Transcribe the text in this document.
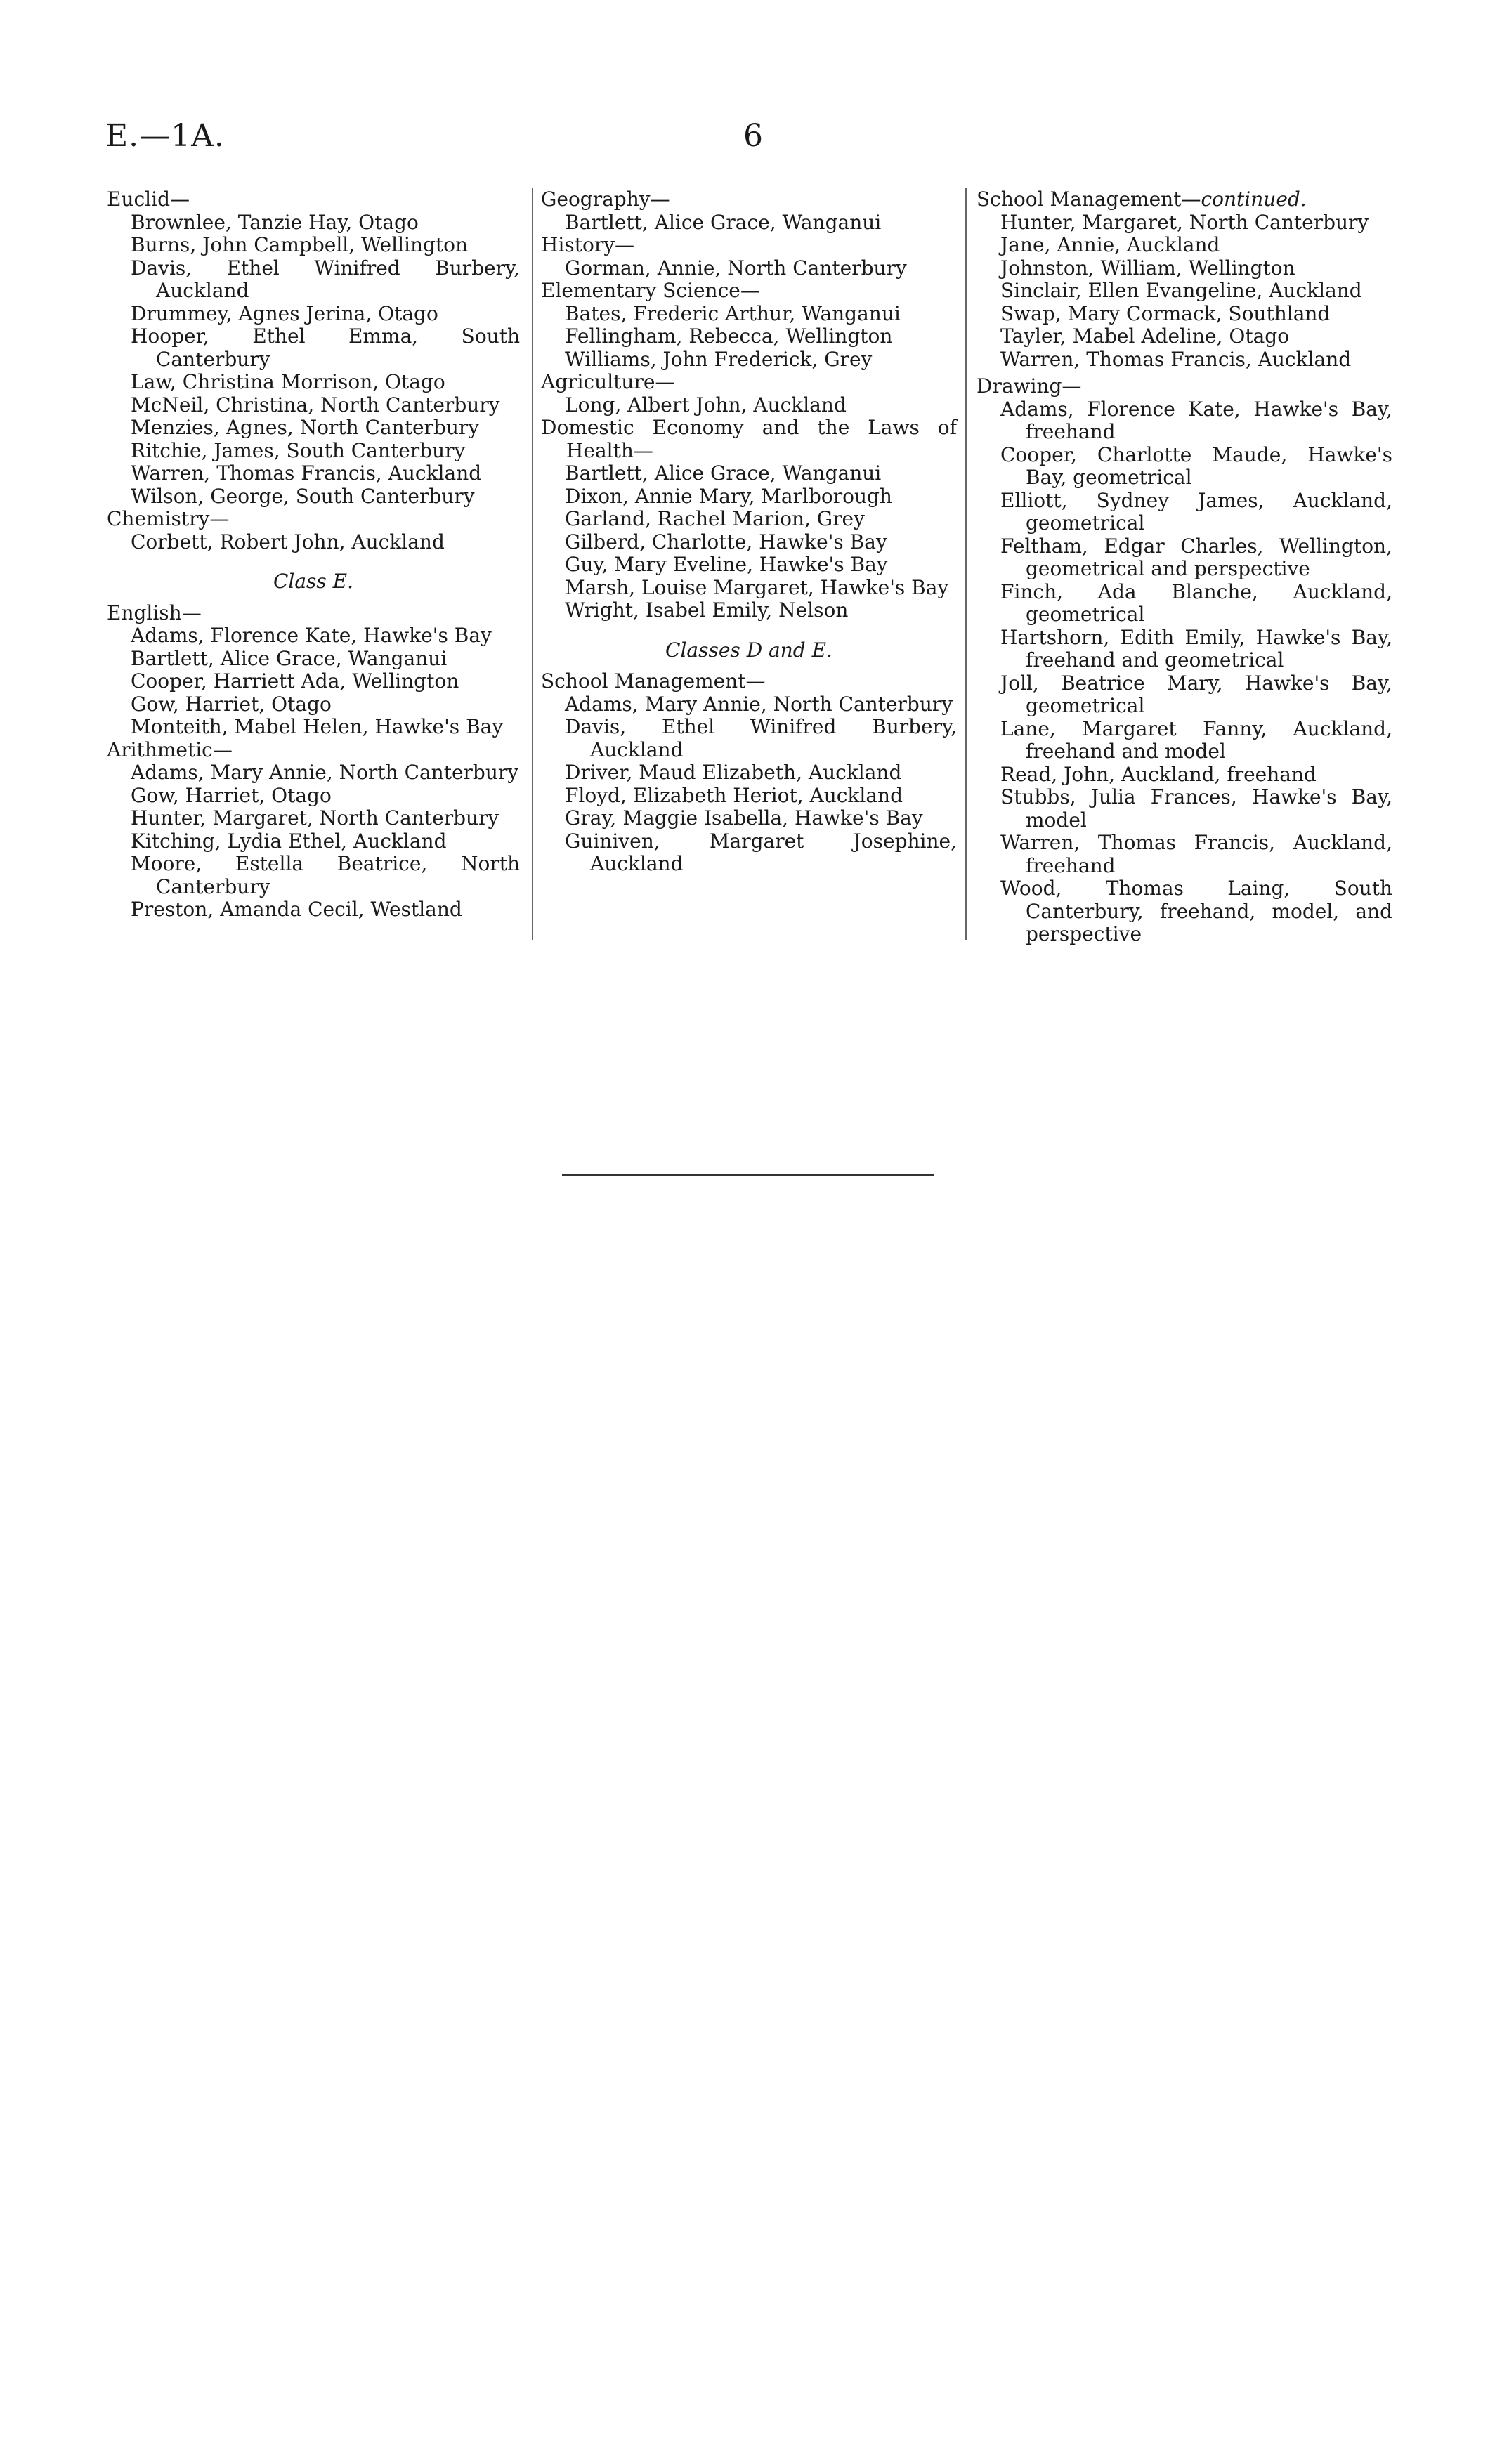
E.—1A.	6

Euclid—

Brownlee, Tanzie Hay, Otago

Burns, John Campbell, Wellington

Davis, Ethel Winifred Burbery, Auckland

Drummey, Agnes Jerina, Otago

Hooper, Ethel Emma, South Canterbury

Law, Christina Morrison, Otago

McNeil, Christina, North Canterbury

Menzies, Agnes, North Canterbury

Ritchie, James, South Canterbury

Warren, Thomas Francis, Auckland

Wilson, George, South Canterbury

Chemistry—

Corbett, Robert John, Auckland

Class E.

English—

Adams, Florence Kate, Hawke's Bay

Bartlett, Alice Grace, Wanganui

Cooper, Harriett Ada, Wellington

Gow, Harriet, Otago

Monteith, Mabel Helen, Hawke's Bay

Arithmetic—

Adams, Mary Annie, North Canterbury

Gow, Harriet, Otago

Hunter, Margaret, North Canterbury

Kitching, Lydia Ethel, Auckland

Moore, Estella Beatrice, North Canterbury

Preston, Amanda Cecil, Westland

Geography—

Bartlett, Alice Grace, Wanganui

History—

Gorman, Annie, North Canterbury

Elementary Science—

Bates, Frederic Arthur, Wanganui

Fellingham, Rebecca, Wellington

Williams, John Frederick, Grey

Agriculture—

Long, Albert John, Auckland

Domestic Economy and the Laws of Health—

Bartlett, Alice Grace, Wanganui

Dixon, Annie Mary, Marlborough

Garland, Rachel Marion, Grey

Gilberd, Charlotte, Hawke's Bay

Guy, Mary Eveline, Hawke's Bay

Marsh, Louise Margaret, Hawke's Bay

Wright, Isabel Emily, Nelson

Classes D and E.

School Management—

Adams, Mary Annie, North Canterbury

Davis, Ethel Winifred Burbery, Auckland

Driver, Maud Elizabeth, Auckland

Floyd, Elizabeth Heriot, Auckland

Gray, Maggie Isabella, Hawke's Bay

Guiniven, Margaret Josephine, Auckland

School Management—continued.

Hunter, Margaret, North Canterbury

Jane, Annie, Auckland

Johnston, William, Wellington

Sinclair, Ellen Evangeline, Auckland

Swap, Mary Cormack, Southland

Tayler, Mabel Adeline, Otago

Warren, Thomas Francis, Auckland

Drawing—

Adams, Florence Kate, Hawke's Bay, freehand

Cooper, Charlotte Maude, Hawke's Bay, geometrical

Elliott, Sydney James, Auckland, geometrical

Feltham, Edgar Charles, Wellington, geometrical and perspective

Finch, Ada Blanche, Auckland, geometrical

Hartshorn, Edith Emily, Hawke's Bay, freehand and geometrical

Joll, Beatrice Mary, Hawke's Bay, geometrical

Lane, Margaret Fanny, Auckland, freehand and model

Read, John, Auckland, freehand

Stubbs, Julia Frances, Hawke's Bay, model

Warren, Thomas Francis, Auckland, freehand

Wood, Thomas Laing, South Canterbury, freehand, model, and perspective
